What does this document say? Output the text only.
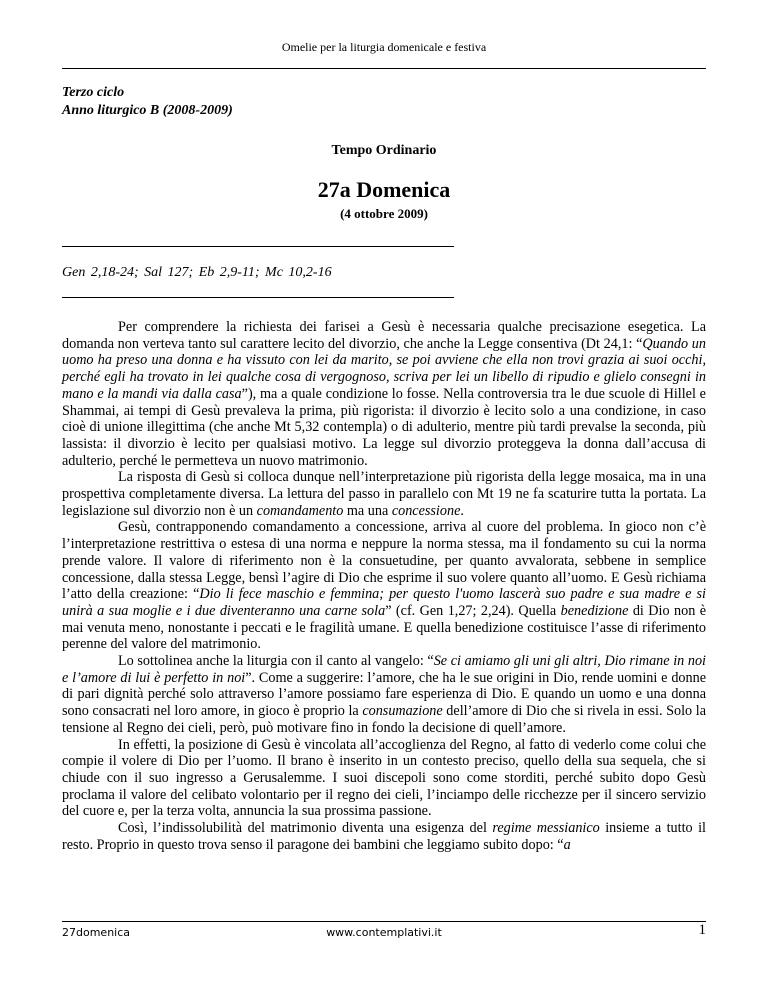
Omelie per la liturgia domenicale e festiva
Terzo ciclo
Anno liturgico B (2008-2009)
Tempo Ordinario
27a Domenica
(4 ottobre 2009)
Gen 2,18-24; Sal 127; Eb 2,9-11; Mc 10,2-16

Per comprendere la richiesta dei farisei a Gesù è necessaria qualche precisazione esegetica. La domanda non verteva tanto sul carattere lecito del divorzio, che anche la Legge consentiva (Dt 24,1: “Quando un uomo ha preso una donna e ha vissuto con lei da marito, se poi avviene che ella non trovi grazia ai suoi occhi, perché egli ha trovato in lei qualche cosa di vergognoso, scriva per lei un libello di ripudio e glielo consegni in mano e la mandi via dalla casa”), ma a quale condizione lo fosse. Nella controversia tra le due scuole di Hillel e Shammai, ai tempi di Gesù prevaleva la prima, più rigorista: il divorzio è lecito solo a una condizione, in caso cioè di unione illegittima (che anche Mt 5,32 contempla) o di adulterio, mentre più tardi prevalse la seconda, più lassista: il divorzio è lecito per qualsiasi motivo. La legge sul divorzio proteggeva la donna dall’accusa di adulterio, perché le permetteva un nuovo matrimonio.

La risposta di Gesù si colloca dunque nell’interpretazione più rigorista della legge mosaica, ma in una prospettiva completamente diversa. La lettura del passo in parallelo con Mt 19 ne fa scaturire tutta la portata. La legislazione sul divorzio non è un comandamento ma una concessione.

Gesù, contrapponendo comandamento a concessione, arriva al cuore del problema. In gioco non c’è l’interpretazione restrittiva o estesa di una norma e neppure la norma stessa, ma il fondamento su cui la norma prende valore. Il valore di riferimento non è la consuetudine, per quanto avvalorata, sebbene in semplice concessione, dalla stessa Legge, bensì l’agire di Dio che esprime il suo volere quanto all’uomo. E Gesù richiama l’atto della creazione: “Dio li fece maschio e femmina; per questo l'uomo lascerà suo padre e sua madre e si unirà a sua moglie e i due diventeranno una carne sola” (cf. Gen 1,27; 2,24). Quella benedizione di Dio non è mai venuta meno, nonostante i peccati e le fragilità umane. E quella benedizione costituisce l’asse di riferimento perenne del valore del matrimonio.

Lo sottolinea anche la liturgia con il canto al vangelo: “Se ci amiamo gli uni gli altri, Dio rimane in noi e l’amore di lui è perfetto in noi”. Come a suggerire: l’amore, che ha le sue origini in Dio, rende uomini e donne di pari dignità perché solo attraverso l’amore possiamo fare esperienza di Dio. E quando un uomo e una donna sono consacrati nel loro amore, in gioco è proprio la consumazione dell’amore di Dio che si rivela in essi. Solo la tensione al Regno dei cieli, però, può motivare fino in fondo la decisione di quell’amore.

In effetti, la posizione di Gesù è vincolata all’accoglienza del Regno, al fatto di vederlo come colui che compie il volere di Dio per l’uomo. Il brano è inserito in un contesto preciso, quello della sua sequela, che si chiude con il suo ingresso a Gerusalemme. I suoi discepoli sono come storditi, perché subito dopo Gesù proclama il valore del celibato volontario per il regno dei cieli, l’inciampo delle ricchezze per il sincero servizio del cuore e, per la terza volta, annuncia la sua prossima passione.

Così, l’indissolubilità del matrimonio diventa una esigenza del regime messianico insieme a tutto il resto. Proprio in questo trova senso il paragone dei bambini che leggiamo subito dopo: “a

27domenica	www.contemplativi.it	1
